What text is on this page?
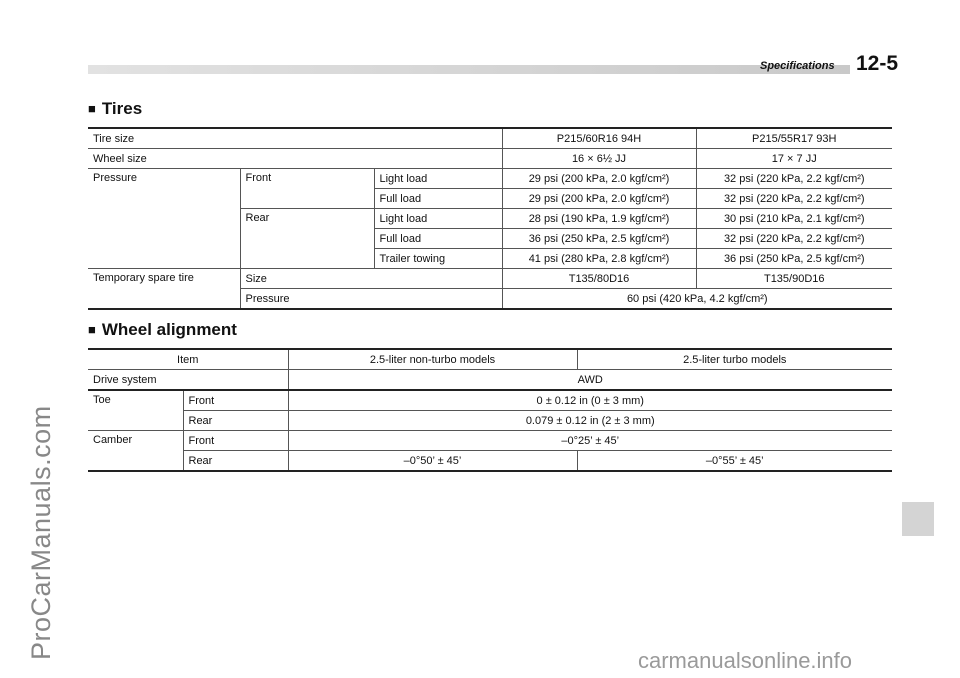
Specifications 12-5
ProCarManuals.com
carmanualsonline.info
■ Tires
Tire size			P215/60R16 94H	P215/55R17 93H
Wheel size			16 × 6½ JJ	17 × 7 JJ
Pressure	Front	Light load	29 psi (200 kPa, 2.0 kgf/cm²)	32 psi (220 kPa, 2.2 kgf/cm²)
		Full load	29 psi (200 kPa, 2.0 kgf/cm²)	32 psi (220 kPa, 2.2 kgf/cm²)
	Rear	Light load	28 psi (190 kPa, 1.9 kgf/cm²)	30 psi (210 kPa, 2.1 kgf/cm²)
		Full load	36 psi (250 kPa, 2.5 kgf/cm²)	32 psi (220 kPa, 2.2 kgf/cm²)
		Trailer towing	41 psi (280 kPa, 2.8 kgf/cm²)	36 psi (250 kPa, 2.5 kgf/cm²)
Temporary spare tire	Size		T135/80D16	T135/90D16
	Pressure		60 psi (420 kPa, 4.2 kgf/cm²)	
■ Wheel alignment
Item		2.5-liter non-turbo models	2.5-liter turbo models
Drive system		AWD	
Toe	Front	0 ± 0.12 in (0 ± 3 mm)	
	Rear	0.079 ± 0.12 in (2 ± 3 mm)	
Camber	Front	–0°25’ ± 45’	
	Rear	–0°50’ ± 45’	–0°55’ ± 45’
